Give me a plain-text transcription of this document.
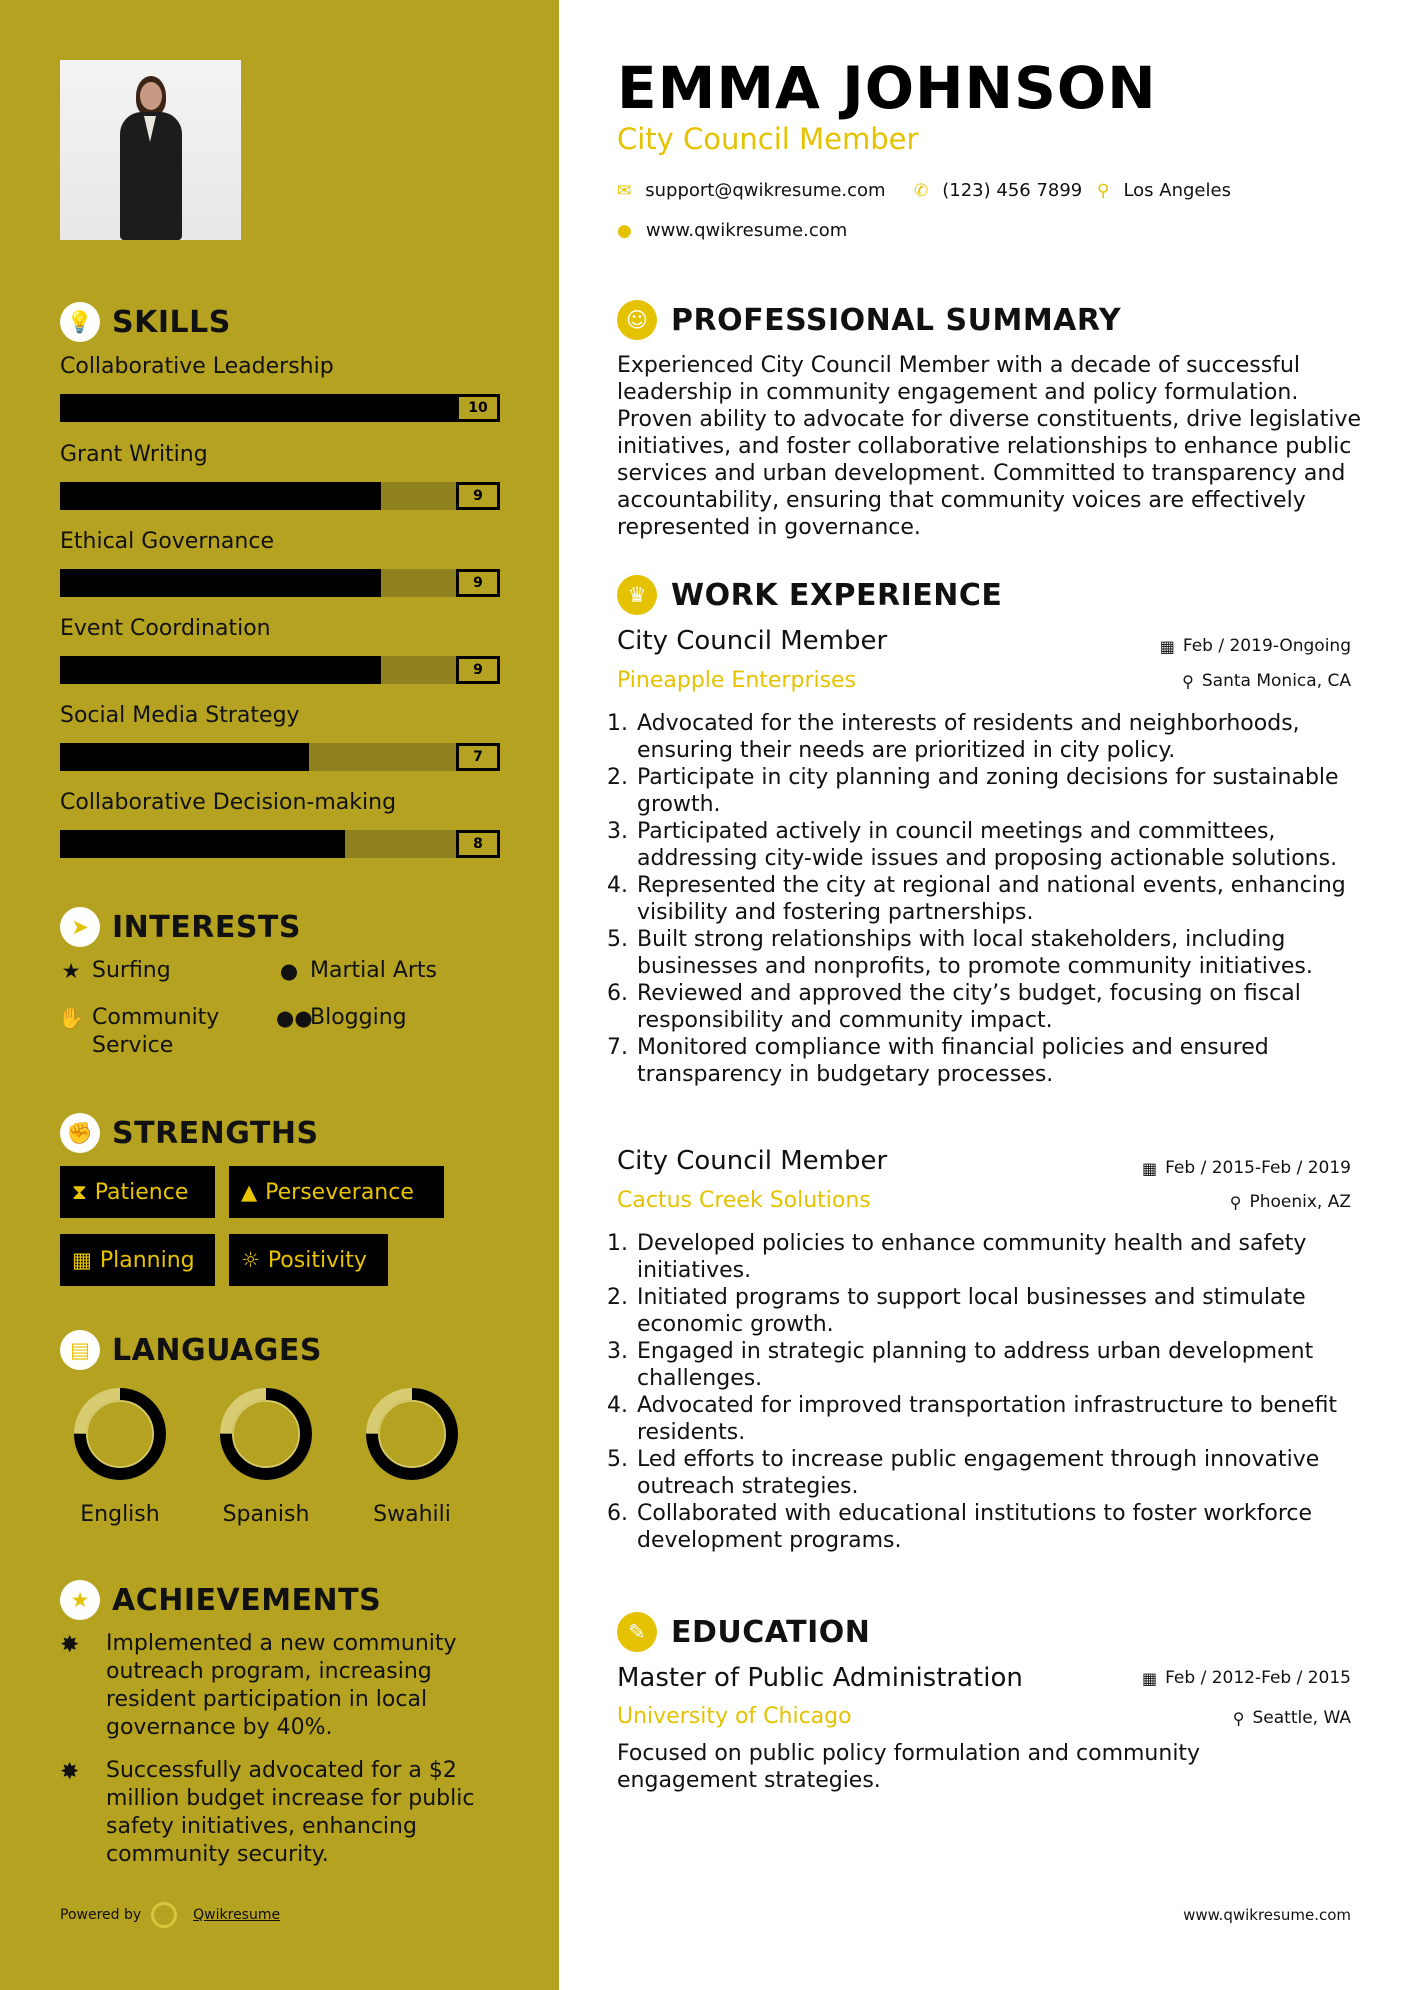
💡 SKILLS
Collaborative Leadership
10
Grant Writing
9
Ethical Governance
9
Event Coordination
9
Social Media Strategy
7
Collaborative Decision-making
8
➤ INTERESTS
★ Surfing	● Martial Arts
✋ Community Service
●●
Blogging
✊ STRENGTHS
⧗ Patience	▲ Perseverance
▦ Planning ☼ Positivity
▤ LANGUAGES
English	Spanish	Swahili
★ ACHIEVEMENTS
✸	Implemented a new community outreach program, increasing resident participation in local governance by 40%.
✸	Successfully advocated for a $2 million budget increase for public safety initiatives, enhancing community security.
Powered by	Qwikresume
EMMA JOHNSON
City Council Member
✉ support@qwikresume.com ✆ (123) 456 7899 ⚲ Los Angeles
● www.qwikresume.com
☺ PROFESSIONAL SUMMARY
Experienced City Council Member with a decade of successful leadership in community engagement and policy formulation. Proven ability to advocate for diverse constituents, drive legislative initiatives, and foster collaborative relationships to enhance public services and urban development. Committed to transparency and accountability, ensuring that community voices are effectively represented in governance.
♛ WORK EXPERIENCE
City Council Member	▦ Feb / 2019-Ongoing
Pineapple Enterprises	⚲ Santa Monica, CA
1. Advocated for the interests of residents and neighborhoods, ensuring their needs are prioritized in city policy.
2. Participate in city planning and zoning decisions for sustainable growth.
3. Participated actively in council meetings and committees, addressing city-wide issues and proposing actionable solutions.
4. Represented the city at regional and national events, enhancing visibility and fostering partnerships.
5. Built strong relationships with local stakeholders, including businesses and nonprofits, to promote community initiatives.
6. Reviewed and approved the city’s budget, focusing on fiscal responsibility and community impact.
7. Monitored compliance with financial policies and ensured transparency in budgetary processes.
City Council Member	▦ Feb / 2015-Feb / 2019
Cactus Creek Solutions	⚲ Phoenix, AZ
1. Developed policies to enhance community health and safety initiatives.
2. Initiated programs to support local businesses and stimulate economic growth.
3. Engaged in strategic planning to address urban development challenges.
4. Advocated for improved transportation infrastructure to benefit residents.
5. Led efforts to increase public engagement through innovative outreach strategies.
6. Collaborated with educational institutions to foster workforce development programs.
✎ EDUCATION
Master of Public Administration	▦ Feb / 2012-Feb / 2015
University of Chicago	⚲ Seattle, WA
Focused on public policy formulation and community engagement strategies.
www.qwikresume.com
